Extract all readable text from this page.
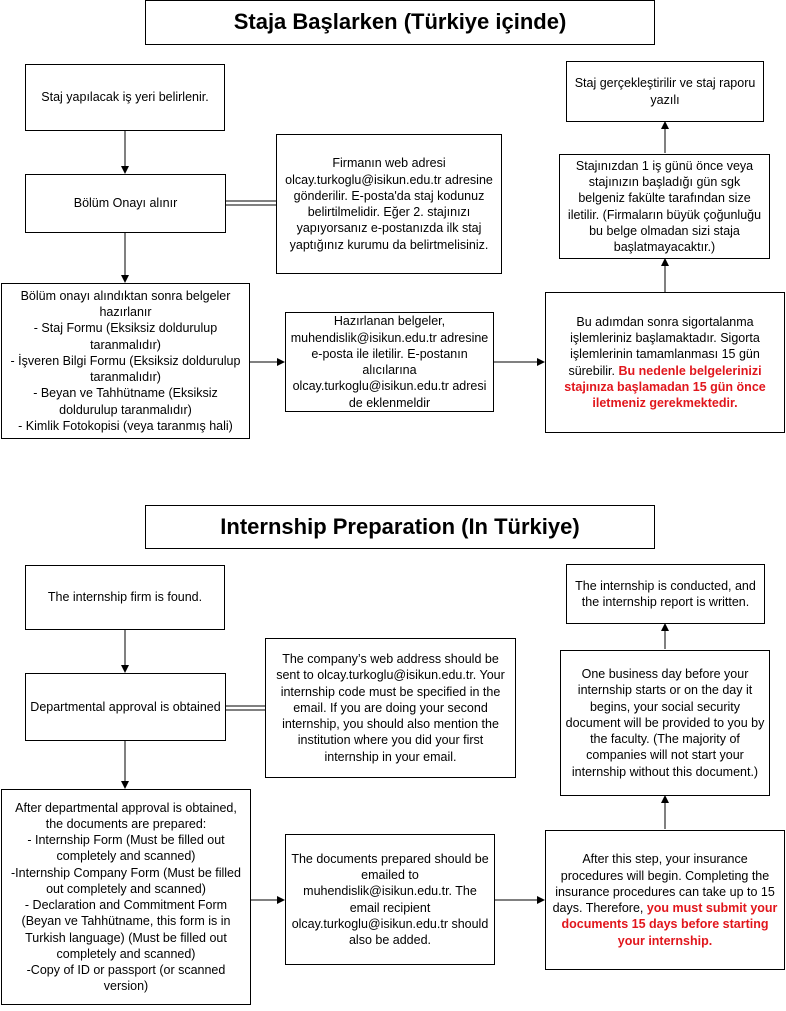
Staja Başlarken (Türkiye içinde)
Staj yapılacak iş yeri belirlenir.
Bölüm Onayı alınır
Firmanın web adresi olcay.turkoglu@isikun.edu.tr adresine gönderilir. E-posta'da staj kodunuz belirtilmelidir. Eğer 2. stajınızı yapıyorsanız e-postanızda ilk staj yaptığınız kurumu da belirtmelisiniz.
Bölüm onayı alındıktan sonra belgeler hazırlanır
- Staj Formu (Eksiksiz doldurulup taranmalıdır)
- İşveren Bilgi Formu (Eksiksiz doldurulup taranmalıdır)
- Beyan ve Tahhütname (Eksiksiz doldurulup taranmalıdır)
- Kimlik Fotokopisi (veya taranmış hali)
Hazırlanan belgeler, muhendislik@isikun.edu.tr adresine e-posta ile iletilir. E-postanın alıcılarına olcay.turkoglu@isikun.edu.tr adresi de eklenmeldir
Bu adımdan sonra sigortalanma işlemleriniz başlamaktadır. Sigorta işlemlerinin tamamlanması 15 gün sürebilir. Bu nedenle belgelerinizi stajınıza başlamadan 15 gün önce iletmeniz gerekmektedir.
Stajınızdan 1 iş günü önce veya stajınızın başladığı gün sgk belgeniz fakülte tarafından size iletilir. (Firmaların büyük çoğunluğu bu belge olmadan sizi staja başlatmayacaktır.)
Staj gerçekleştirilir ve staj raporu yazılı
Internship Preparation (In Türkiye)
The internship firm is found.
Departmental approval is obtained
The company’s web address should be sent to olcay.turkoglu@isikun.edu.tr. Your internship code must be specified in the email. If you are doing your second internship, you should also mention the institution where you did your first internship in your email.
After departmental approval is obtained, the documents are prepared:
- Internship Form (Must be filled out completely and scanned)
-Internship Company Form (Must be filled out completely and scanned)
- Declaration and Commitment Form (Beyan ve Tahhütname, this form is in Turkish language) (Must be filled out completely and scanned)
-Copy of ID or passport (or scanned version)
The documents prepared should be emailed to muhendislik@isikun.edu.tr. The email recipient olcay.turkoglu@isikun.edu.tr should also be added.
After this step, your insurance procedures will begin. Completing the insurance procedures can take up to 15 days. Therefore, you must submit your documents 15 days before starting your internship.
One business day before your internship starts or on the day it begins, your social security document will be provided to you by the faculty. (The majority of companies will not start your internship without this document.)
The internship is conducted, and the internship report is written.
